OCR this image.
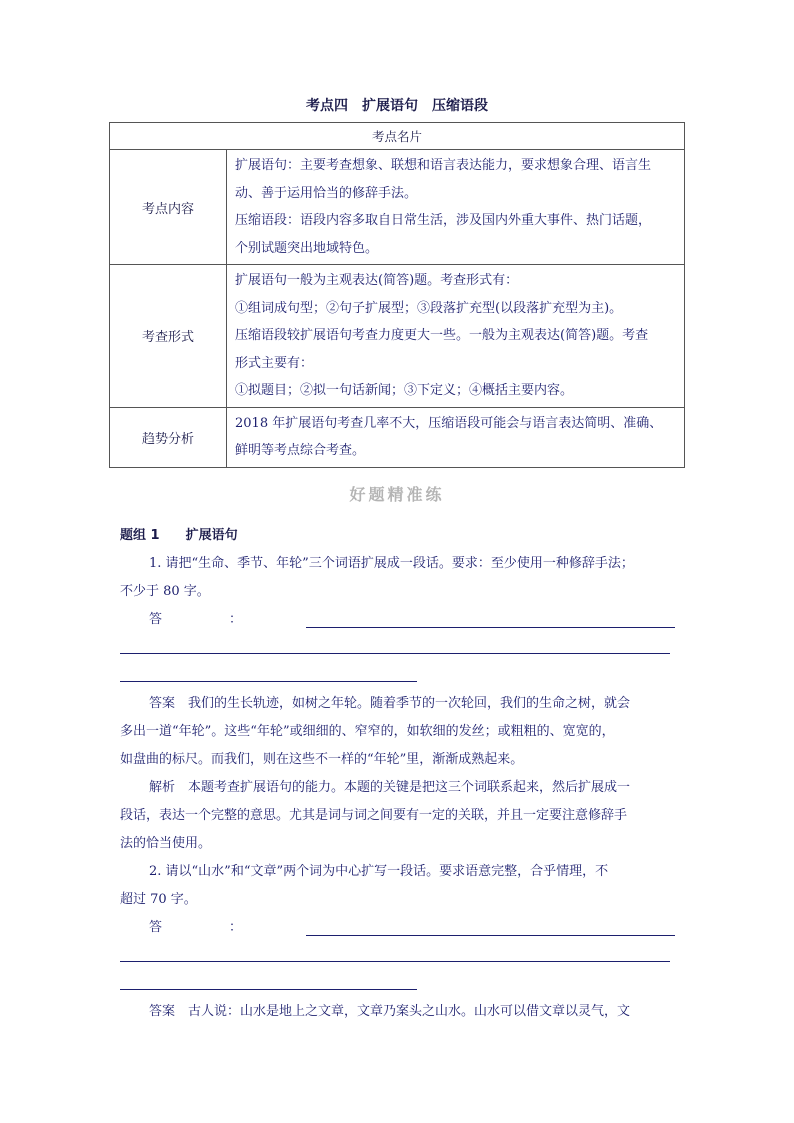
考点四　扩展语句　压缩语段
考点名片	
考点内容	扩展语句：主要考查想象、联想和语言表达能力，要求想象合理、语言生
动、善于运用恰当的修辞手法。
压缩语段：语段内容多取自日常生活，涉及国内外重大事件、热门话题，
个别试题突出地域特色。

考查形式	扩展语句一般为主观表达(简答)题。考查形式有：
①组词成句型；②句子扩展型；③段落扩充型(以段落扩充型为主)。
压缩语段较扩展语句考查力度更大一些。一般为主观表达(简答)题。考查
形式主要有：
①拟题目；②拟一句话新闻；③下定义；④概括主要内容。

趋势分析	2018 年扩展语句考查几率不大，压缩语段可能会与语言表达简明、准确、
鲜明等考点综合考查。
好题精准练
题组 1　　 扩展语句
1. 请把“生命、季节、年轮”三个词语扩展成一段话。要求：至少使用一种修辞手法；
不少于 80 字。
答	：
答案　 我们的生长轨迹，如树之年轮。随着季节的一次轮回，我们的生命之树，就会
多出一道“年轮”。这些“年轮”或细细的、窄窄的，如软细的发丝；或粗粗的、宽宽的，
如盘曲的标尺。而我们，则在这些不一样的“年轮”里，渐渐成熟起来。
解析　 本题考查扩展语句的能力。本题的关键是把这三个词联系起来，然后扩展成一
段话，表达一个完整的意思。尤其是词与词之间要有一定的关联，并且一定要注意修辞手
法的恰当使用。
2. 请以“山水”和“文章”两个词为中心扩写一段话。要求语意完整，合乎情理，不
超过 70 字。
答	：
答案　 古人说：山水是地上之文章，文章乃案头之山水。山水可以借文章以灵气，文
